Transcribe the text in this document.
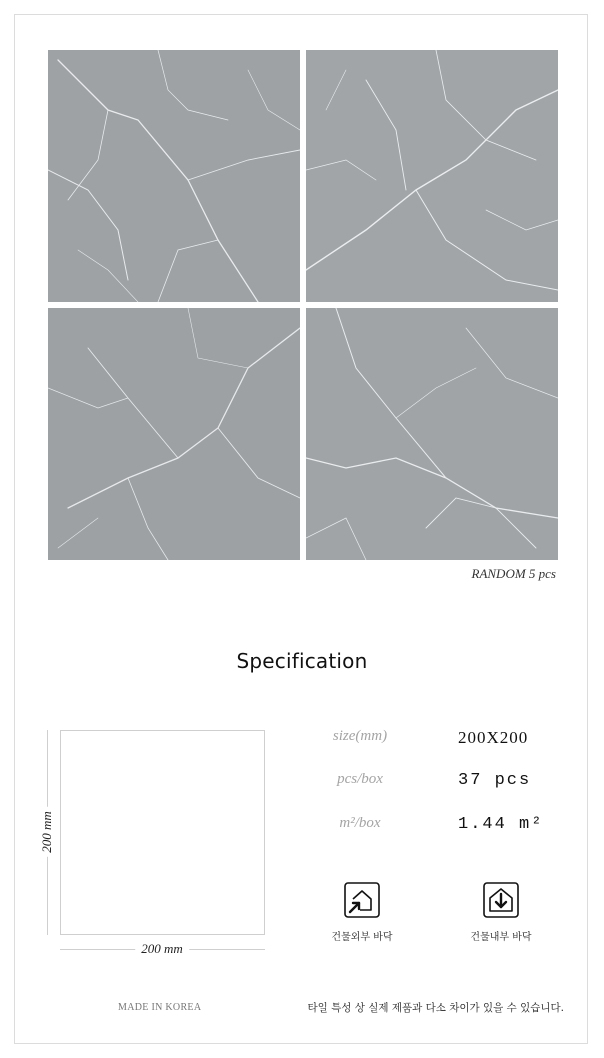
RANDOM 5 pcs
Specification
200 mm
200 mm
size(mm)	200X200
pcs/box	37 pcs
m²/box	1.44 m²
건물외부 바닥	건물내부 바닥
MADE IN KOREA	타일 특성 상 실제 제품과 다소 차이가 있을 수 있습니다.
